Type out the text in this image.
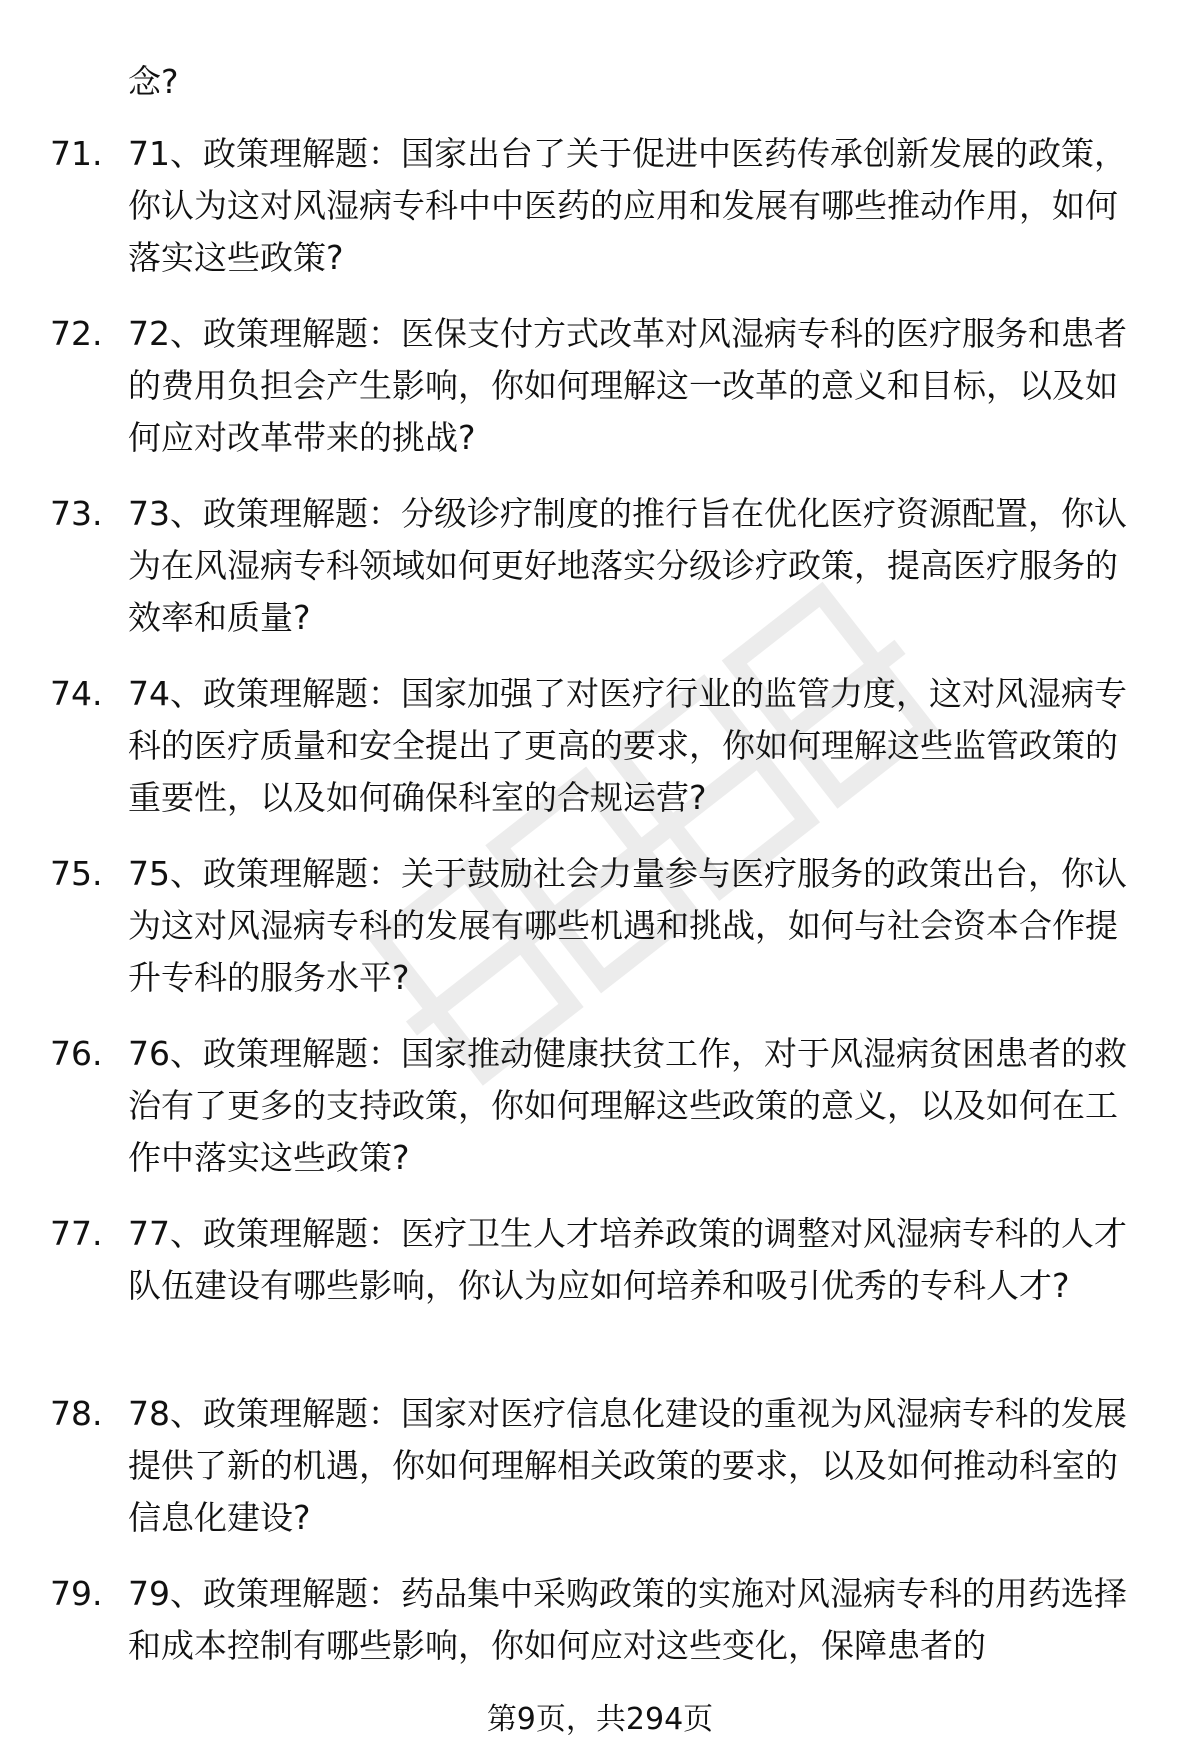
念?

71. 71、政策理解题：国家出台了关于促进中医药传承创新发展的政策，你认为这对风湿病专科中中医药的应用和发展有哪些推动作用，如何落实这些政策?

72. 72、政策理解题：医保支付方式改革对风湿病专科的医疗服务和患者的费用负担会产生影响，你如何理解这一改革的意义和目标，以及如何应对改革带来的挑战?

73. 73、政策理解题：分级诊疗制度的推行旨在优化医疗资源配置，你认为在风湿病专科领域如何更好地落实分级诊疗政策，提高医疗服务的效率和质量?

74. 74、政策理解题：国家加强了对医疗行业的监管力度，这对风湿病专科的医疗质量和安全提出了更高的要求，你如何理解这些监管政策的重要性，以及如何确保科室的合规运营?

75. 75、政策理解题：关于鼓励社会力量参与医疗服务的政策出台，你认为这对风湿病专科的发展有哪些机遇和挑战，如何与社会资本合作提升专科的服务水平?

76. 76、政策理解题：国家推动健康扶贫工作，对于风湿病贫困患者的救治有了更多的支持政策，你如何理解这些政策的意义，以及如何在工作中落实这些政策?

77. 77、政策理解题：医疗卫生人才培养政策的调整对风湿病专科的人才队伍建设有哪些影响，你认为应如何培养和吸引优秀的专科人才?

78. 78、政策理解题：国家对医疗信息化建设的重视为风湿病专科的发展提供了新的机遇，你如何理解相关政策的要求，以及如何推动科室的信息化建设?

79. 79、政策理解题：药品集中采购政策的实施对风湿病专科的用药选择和成本控制有哪些影响，你如何应对这些变化，保障患者的

第9页，共294页
